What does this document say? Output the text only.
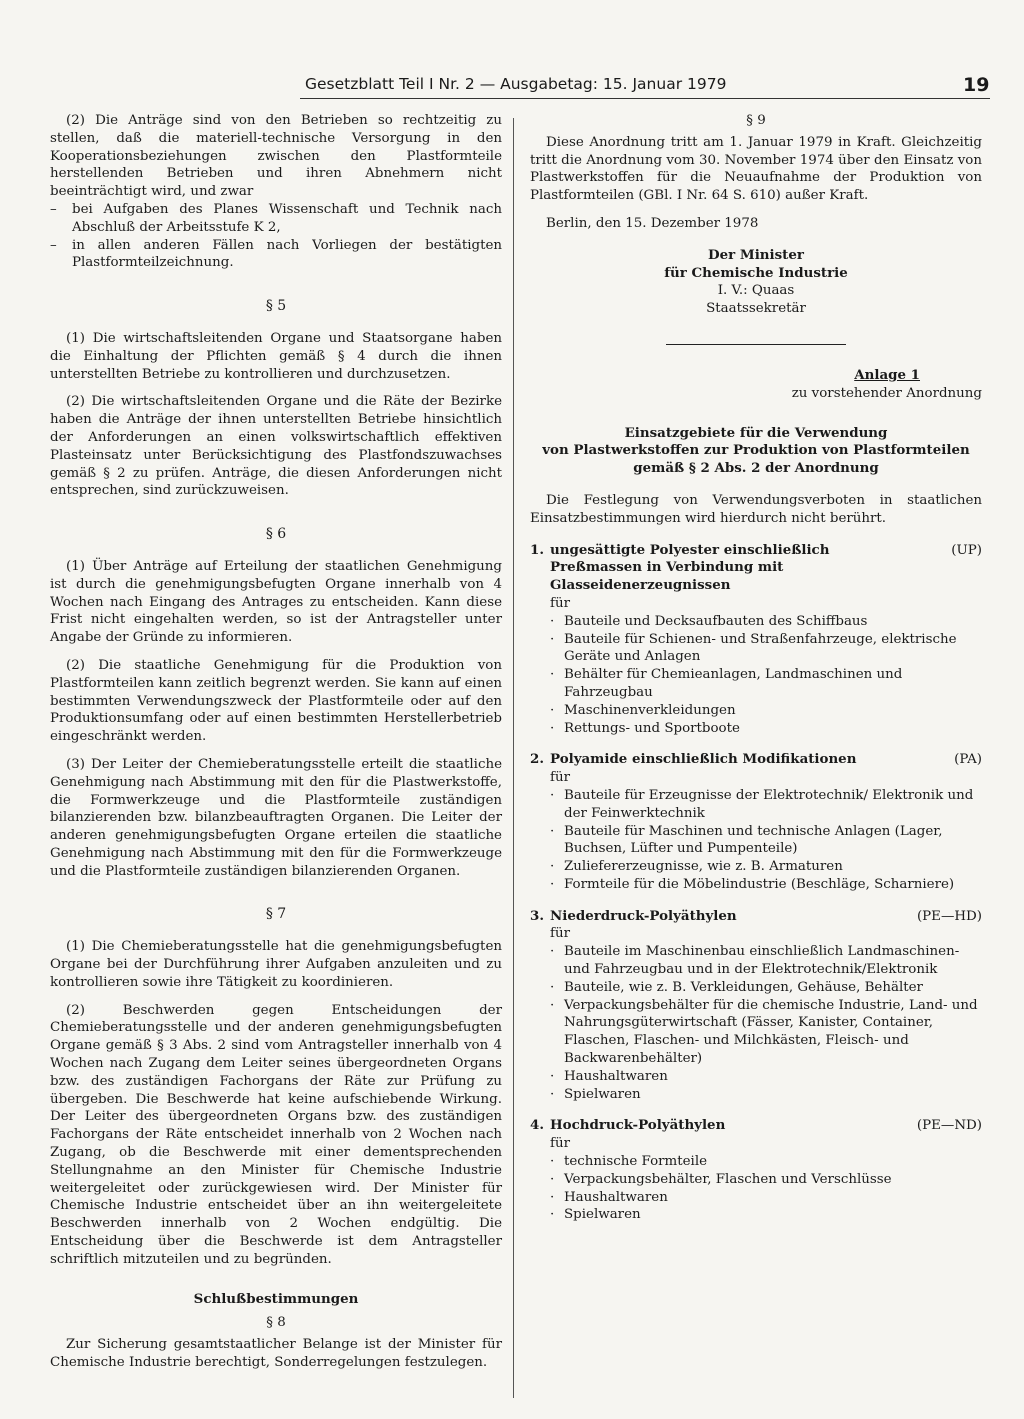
Gesetzblatt Teil I Nr. 2 — Ausgabetag: 15. Januar 1979	19

(2) Die Anträge sind von den Betrieben so rechtzeitig zu stellen, daß die materiell-technische Versorgung in den Kooperationsbeziehungen zwischen den Plastformteile herstellenden Betrieben und ihren Abnehmern nicht beeinträchtigt wird, und zwar

–	bei Aufgaben des Planes Wissenschaft und Technik nach Abschluß der Arbeitsstufe K 2,
–	in allen anderen Fällen nach Vorliegen der bestätigten Plastformteilzeichnung.
§ 5

(1) Die wirtschaftsleitenden Organe und Staatsorgane haben die Einhaltung der Pflichten gemäß § 4 durch die ihnen unterstellten Betriebe zu kontrollieren und durchzusetzen.

(2) Die wirtschaftsleitenden Organe und die Räte der Bezirke haben die Anträge der ihnen unterstellten Betriebe hinsichtlich der Anforderungen an einen volkswirtschaftlich effektiven Plasteinsatz unter Berücksichtigung des Plastfondszuwachses gemäß § 2 zu prüfen. Anträge, die diesen Anforderungen nicht entsprechen, sind zurückzuweisen.

§ 6

(1) Über Anträge auf Erteilung der staatlichen Genehmigung ist durch die genehmigungsbefugten Organe innerhalb von 4 Wochen nach Eingang des Antrages zu entscheiden. Kann diese Frist nicht eingehalten werden, so ist der Antragsteller unter Angabe der Gründe zu informieren.

(2) Die staatliche Genehmigung für die Produktion von Plastformteilen kann zeitlich begrenzt werden. Sie kann auf einen bestimmten Verwendungszweck der Plastformteile oder auf den Produktionsumfang oder auf einen bestimmten Herstellerbetrieb eingeschränkt werden.

(3) Der Leiter der Chemieberatungsstelle erteilt die staatliche Genehmigung nach Abstimmung mit den für die Plastwerkstoffe, die Formwerkzeuge und die Plastformteile zuständigen bilanzierenden bzw. bilanzbeauftragten Organen. Die Leiter der anderen genehmigungsbefugten Organe erteilen die staatliche Genehmigung nach Abstimmung mit den für die Formwerkzeuge und die Plastformteile zuständigen bilanzierenden Organen.

§ 7

(1) Die Chemieberatungsstelle hat die genehmigungsbefugten Organe bei der Durchführung ihrer Aufgaben anzuleiten und zu kontrollieren sowie ihre Tätigkeit zu koordinieren.

(2) Beschwerden gegen Entscheidungen der Chemieberatungsstelle und der anderen genehmigungsbefugten Organe gemäß § 3 Abs. 2 sind vom Antragsteller innerhalb von 4 Wochen nach Zugang dem Leiter seines übergeordneten Organs bzw. des zuständigen Fachorgans der Räte zur Prüfung zu übergeben. Die Beschwerde hat keine aufschiebende Wirkung. Der Leiter des übergeordneten Organs bzw. des zuständigen Fachorgans der Räte entscheidet innerhalb von 2 Wochen nach Zugang, ob die Beschwerde mit einer dementsprechenden Stellungnahme an den Minister für Chemische Industrie weitergeleitet oder zurückgewiesen wird. Der Minister für Chemische Industrie entscheidet über an ihn weitergeleitete Beschwerden innerhalb von 2 Wochen endgültig. Die Entscheidung über die Beschwerde ist dem Antragsteller schriftlich mitzuteilen und zu begründen.

Schlußbestimmungen
§ 8

Zur Sicherung gesamtstaatlicher Belange ist der Minister für Chemische Industrie berechtigt, Sonderregelungen festzulegen.

§ 9

Diese Anordnung tritt am 1. Januar 1979 in Kraft. Gleichzeitig tritt die Anordnung vom 30. November 1974 über den Einsatz von Plastwerkstoffen für die Neuaufnahme der Produktion von Plastformteilen (GBl. I Nr. 64 S. 610) außer Kraft.

Berlin, den 15. Dezember 1978

Der Minister
für Chemische Industrie
I. V.: Quaas
Staatssekretär
Anlage 1
zu vorstehender Anordnung
Einsatzgebiete für die Verwendung
von Plastwerkstoffen zur Produktion von Plastformteilen
gemäß § 2 Abs. 2 der Anordnung

Die Festlegung von Verwendungsverboten in staatlichen Einsatzbestimmungen wird hierdurch nicht berührt.

1. ungesättigte Polyester einschließlich Preßmassen in Verbindung mit Glasseidenerzeugnissen
(UP)
für
· Bauteile und Decksaufbauten des Schiffbaus
· Bauteile für Schienen- und Straßenfahrzeuge, elektrische Geräte und Anlagen
· Behälter für Chemieanlagen, Landmaschinen und Fahrzeugbau
· Maschinenverkleidungen
· Rettungs- und Sportboote
2. Polyamide einschließlich Modifikationen	(PA)
für
· Bauteile für Erzeugnisse der Elektrotechnik/ Elektronik und der Feinwerktechnik
· Bauteile für Maschinen und technische Anlagen (Lager, Buchsen, Lüfter und Pumpenteile)
· Zuliefererzeugnisse, wie z. B. Armaturen
· Formteile für die Möbelindustrie (Beschläge, Scharniere)
3. Niederdruck-Polyäthylen	(PE—HD)
für
· Bauteile im Maschinenbau einschließlich Landmaschinen- und Fahrzeugbau und in der Elektrotechnik/Elektronik
· Bauteile, wie z. B. Verkleidungen, Gehäuse, Behälter
· Verpackungsbehälter für die chemische Industrie, Land- und Nahrungsgüterwirtschaft (Fässer, Kanister, Container, Flaschen, Flaschen- und Milchkästen, Fleisch- und Backwarenbehälter)
· Haushaltwaren
· Spielwaren
4. Hochdruck-Polyäthylen	(PE—ND)
für
· technische Formteile
· Verpackungsbehälter, Flaschen und Verschlüsse
· Haushaltwaren
· Spielwaren
